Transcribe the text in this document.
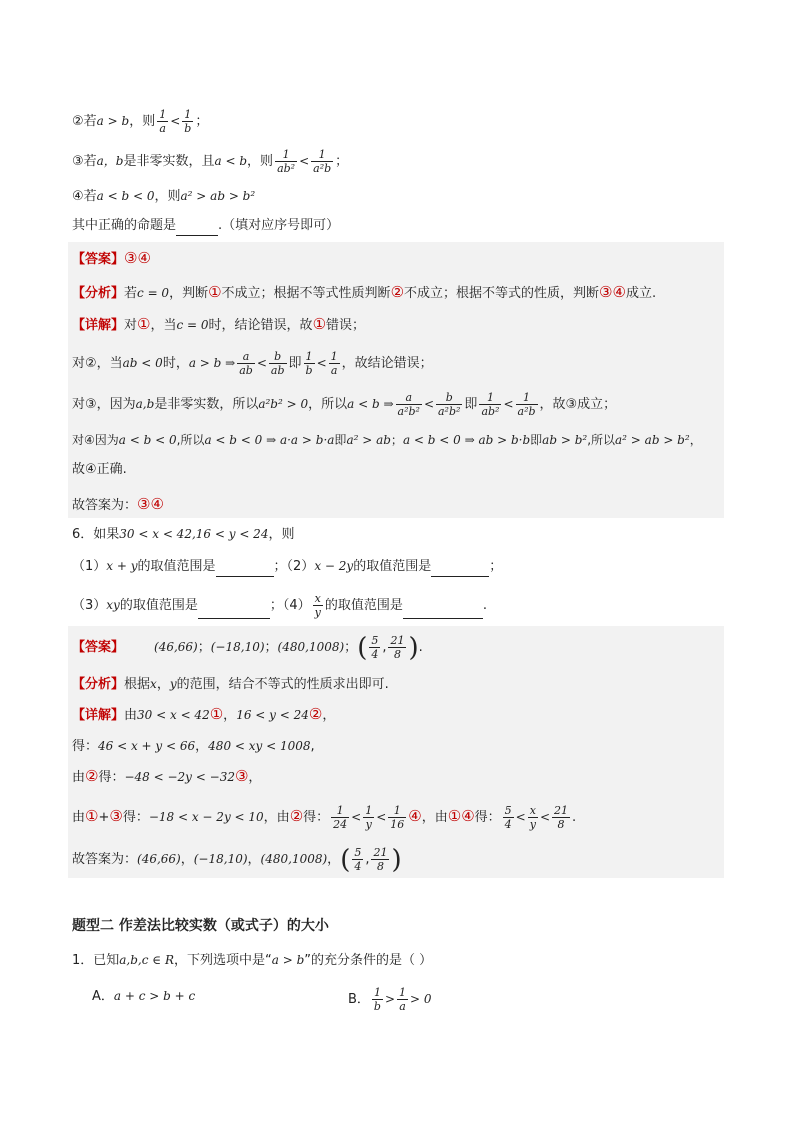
②若a > b，则 $\frac{1}{a} < \frac{1}{b}$ ；
③若a，b是非零实数，且a < b，则 $\frac{1}{\text{ab²}} < \frac{1}{\text{a²b}}$ ；
④若a < b < 0，则a² > ab > b²
其中正确的命题是	.（填对应序号即可）
【答案】③④
【分析】若c = 0，判断①不成立；根据不等式性质判断②不成立；根据不等式的性质，判断③④成立.
【详解】对①，当c = 0时，结论错误，故①错误；
对②，当ab < 0时，a > b ⇒ $\frac{a}{ab} < \frac{b}{ab}$ 即 $\frac{1}{b} < \frac{1}{a}$ ，故结论错误；
对③，因为a,b是非零实数，所以a²b² > 0，所以a < b ⇒ $\frac{a}{\text{a²b²}} < \frac{b}{\text{a²b²}}$ 即 $\frac{1}{\text{ab²}} < \frac{1}{\text{a²b}}$ ，故③成立；
对④因为a < b < 0,所以a < b < 0 ⇒ a·a > b·a即a² > ab；a < b < 0 ⇒ ab > b·b即ab > b²,所以a² > ab > b²，
故④正确.
故答案为：③④
6．如果30 < x < 42,16 < y < 24，则
（1）x + y的取值范围是	；（2）x − 2y的取值范围是	；
（3）xy的取值范围是	；$(4) \frac{x}{y}$ 的取值范围是	.
【答案】	(46,66)；(−18,10)；(480,1008)；( $\frac{5}{4}$ , $\frac{21}{8}$ ).
【分析】根据x，y的范围，结合不等式的性质求出即可.
【详解】由30 < x < 42①，16 < y < 24②，
得：46 < x + y < 66，480 < xy < 1008,
由②得：−48 < −2y < −32③，
由①+③得：−18 < x − 2y < 10，由②得： $\frac{1}{24} < \frac{1}{y} < \frac{1}{16}$ ④，由①④得： $\frac{5}{4} < \frac{x}{y} < \frac{21}{8}$ .
故答案为：(46,66)，(−18,10)，(480,1008)，( $\frac{5}{4}$ , $\frac{21}{8}$ )
题型二 作差法比较实数（或式子）的大小
1．已知a,b,c ∈ R，下列选项中是“a > b”的充分条件的是（ ）
A．a + c > b + c	B． $\frac{1}{b} > \frac{1}{a} > 0$
